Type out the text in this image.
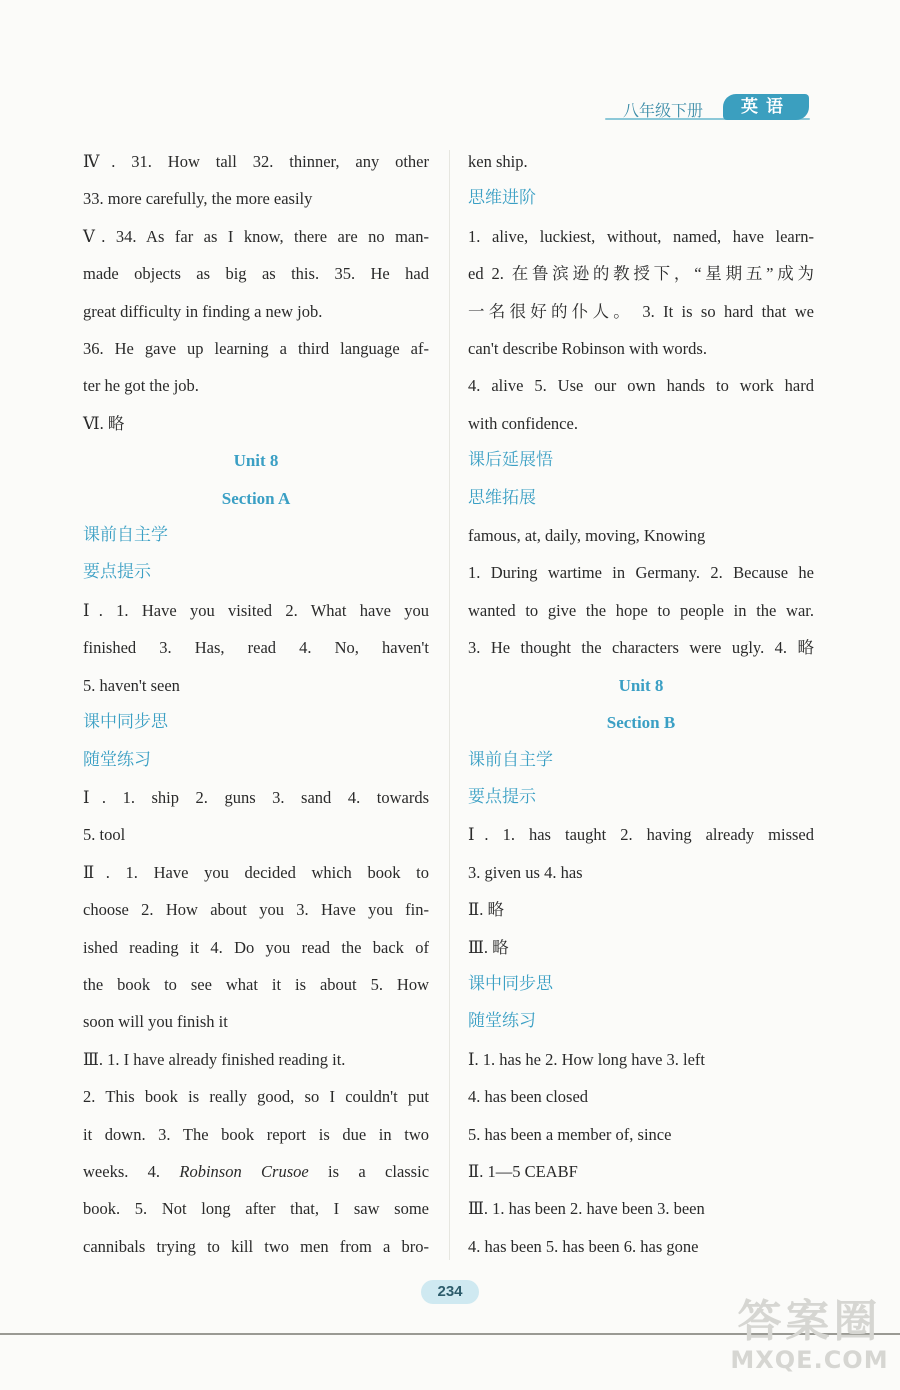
八年级下册	英语
Ⅳ. 31. How tall 32. thinner, any other
33. more carefully, the more easily
Ⅴ. 34. As far as I know, there are no man-
made objects as big as this. 35. He had
great difficulty in finding a new job.
36. He gave up learning a third language af-
ter he got the job.
Ⅵ. 略
Unit 8
Section A
课前自主学
要点提示
Ⅰ. 1. Have you visited 2. What have you
finished 3. Has, read 4. No, haven't
5. haven't seen
课中同步思
随堂练习
Ⅰ. 1. ship 2. guns 3. sand 4. towards
5. tool
Ⅱ. 1. Have you decided which book to
choose 2. How about you 3. Have you fin-
ished reading it 4. Do you read the back of
the book to see what it is about 5. How
soon will you finish it
Ⅲ. 1. I have already finished reading it.
2. This book is really good, so I couldn't put
it down. 3. The book report is due in two
weeks. 4. Robinson Crusoe is a classic
book. 5. Not long after that, I saw some
cannibals trying to kill two men from a bro-
ken ship.
思维进阶
1. alive, luckiest, without, named, have learn-
ed 2. 在鲁滨逊的教授下，“星期五”成为
一名很好的仆人。 3. It is so hard that we
can't describe Robinson with words.
4. alive 5. Use our own hands to work hard
with confidence.
课后延展悟
思维拓展
famous, at, daily, moving, Knowing
1. During wartime in Germany. 2. Because he
wanted to give the hope to people in the war.
3. He thought the characters were ugly. 4. 略
Unit 8
Section B
课前自主学
要点提示
Ⅰ. 1. has taught 2. having already missed
3. given us 4. has
Ⅱ. 略
Ⅲ. 略
课中同步思
随堂练习
Ⅰ. 1. has he 2. How long have 3. left
4. has been closed
5. has been a member of, since
Ⅱ. 1—5 CEABF
Ⅲ. 1. has been 2. have been 3. been
4. has been 5. has been 6. has gone
234
答案圈
MXQE.COM
